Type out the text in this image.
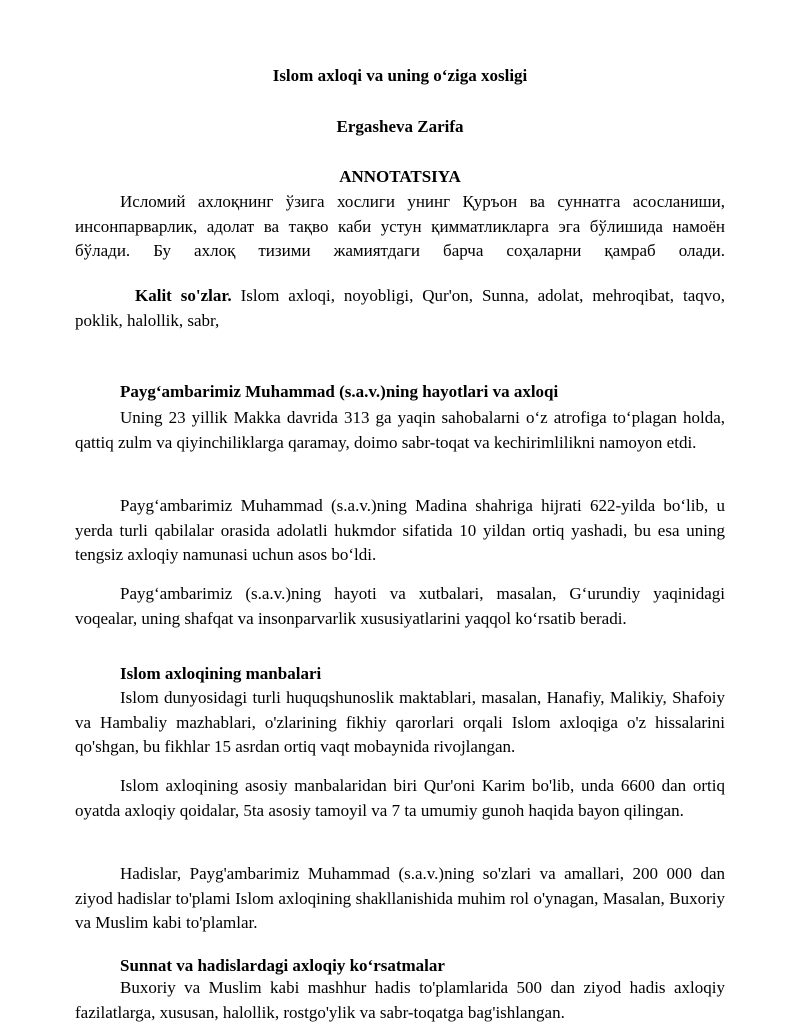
Islom axloqi va uning o‘ziga xosligi
Ergasheva Zarifa
ANNOTATSIYA
Исломий ахлоқнинг ўзига хослиги унинг Қуръон ва суннатга асосланиши, инсонпарварлик, адолат ва тақво каби устун қимматликларга эга бўлишида намоён бўлади. Бу ахлоқ тизими жамиятдаги барча соҳаларни қамраб олади.
Kalit so'zlar. Islom axloqi, noyobligi, Qur'on, Sunna, adolat, mehroqibat, taqvo, poklik, halollik, sabr,
Payg‘ambarimiz Muhammad (s.a.v.)ning hayotlari va axloqi
Uning 23 yillik Makka davrida 313 ga yaqin sahobalarni o‘z atrofiga to‘plagan holda, qattiq zulm va qiyinchiliklarga qaramay, doimo sabr-toqat va kechirimlilikni namoyon etdi.
Payg‘ambarimiz Muhammad (s.a.v.)ning Madina shahriga hijrati 622-yilda bo‘lib, u yerda turli qabilalar orasida adolatli hukmdor sifatida 10 yildan ortiq yashadi, bu esa uning tengsiz axloqiy namunasi uchun asos bo‘ldi.
Payg‘ambarimiz (s.a.v.)ning hayoti va xutbalari, masalan, G‘urundiy yaqinidagi voqealar, uning shafqat va insonparvarlik xususiyatlarini yaqqol ko‘rsatib beradi.
Islom axloqining manbalari
Islom dunyosidagi turli huquqshunoslik maktablari, masalan, Hanafiy, Malikiy, Shafoiy va Hambaliy mazhablari, o'zlarining fikhiy qarorlari orqali Islom axloqiga o'z hissalarini qo'shgan, bu fikhlar 15 asrdan ortiq vaqt mobaynida rivojlangan.
Islom axloqining asosiy manbalaridan biri Qur'oni Karim bo'lib, unda 6600 dan ortiq oyatda axloqiy qoidalar, 5ta asosiy tamoyil va 7 ta umumiy gunoh haqida bayon qilingan.
Hadislar, Payg'ambarimiz Muhammad (s.a.v.)ning so'zlari va amallari, 200 000 dan ziyod hadislar to'plami Islom axloqining shakllanishida muhim rol o'ynagan, Masalan, Buxoriy va Muslim kabi to'plamlar.
Sunnat va hadislardagi axloqiy ko‘rsatmalar
Buxoriy va Muslim kabi mashhur hadis to'plamlarida 500 dan ziyod hadis axloqiy fazilatlarga, xususan, halollik, rostgo'ylik va sabr-toqatga bag'ishlangan.
